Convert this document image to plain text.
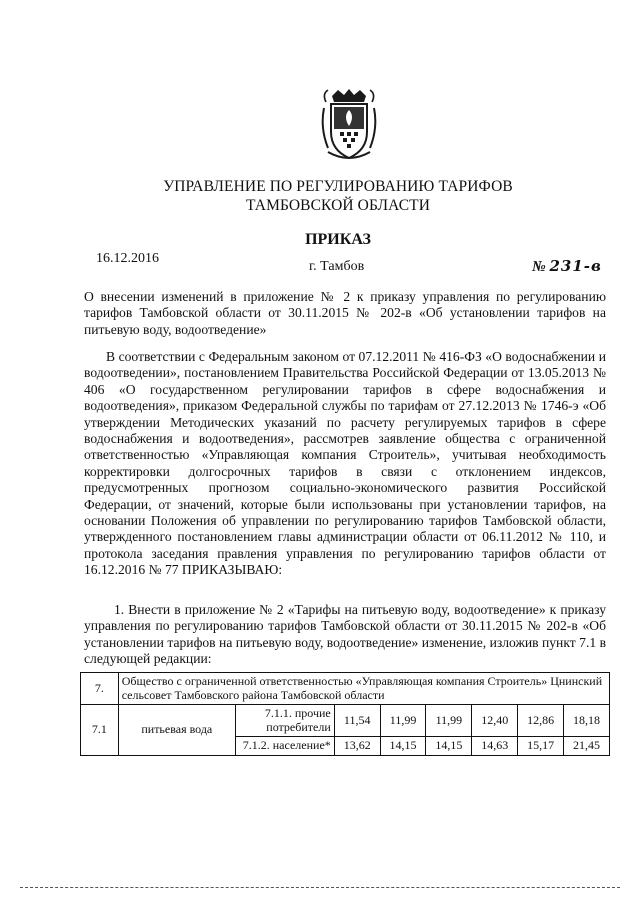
УПРАВЛЕНИЕ ПО РЕГУЛИРОВАНИЮ ТАРИФОВ
ТАМБОВСКОЙ ОБЛАСТИ
ПРИКАЗ
16.12.2016
г. Тамбов	№ 231-в
О внесении изменений в приложение № 2 к приказу управления по регулированию тарифов Тамбовской области от 30.11.2015 № 202-в «Об установлении тарифов на питьевую воду, водоотведение»
В соответствии с Федеральным законом от 07.12.2011 № 416-ФЗ «О водоснабжении и водоотведении», постановлением Правительства Российской Федерации от 13.05.2013 № 406 «О государственном регулировании тарифов в сфере водоснабжения и водоотведения», приказом Федеральной службы по тарифам от 27.12.2013 № 1746-э «Об утверждении Методических указаний по расчету регулируемых тарифов в сфере водоснабжения и водоотведения», рассмотрев заявление общества с ограниченной ответственностью «Управляющая компания Строитель», учитывая необходимость корректировки долгосрочных тарифов в связи с отклонением индексов, предусмотренных прогнозом социально-экономического развития Российской Федерации, от значений, которые были использованы при установлении тарифов, на основании Положения об управлении по регулированию тарифов Тамбовской области, утвержденного постановлением главы администрации области от 06.11.2012 № 110, и протокола заседания правления управления по регулированию тарифов области от 16.12.2016 № 77 ПРИКАЗЫВАЮ:
1. Внести в приложение № 2 «Тарифы на питьевую воду, водоотведение» к приказу управления по регулированию тарифов Тамбовской области от 30.11.2015 № 202-в «Об установлении тарифов на питьевую воду, водоотведение» изменение, изложив пункт 7.1 в следующей редакции:
7.	Общество с ограниченной ответственностью «Управляющая компания Строитель» Цнинский сельсовет Тамбовского района Тамбовской области							
7.1	питьевая вода	7.1.1. прочие потребители	11,54	11,99	11,99	12,40	12,86	18,18
		7.1.2. население*	13,62	14,15	14,15	14,63	15,17	21,45
